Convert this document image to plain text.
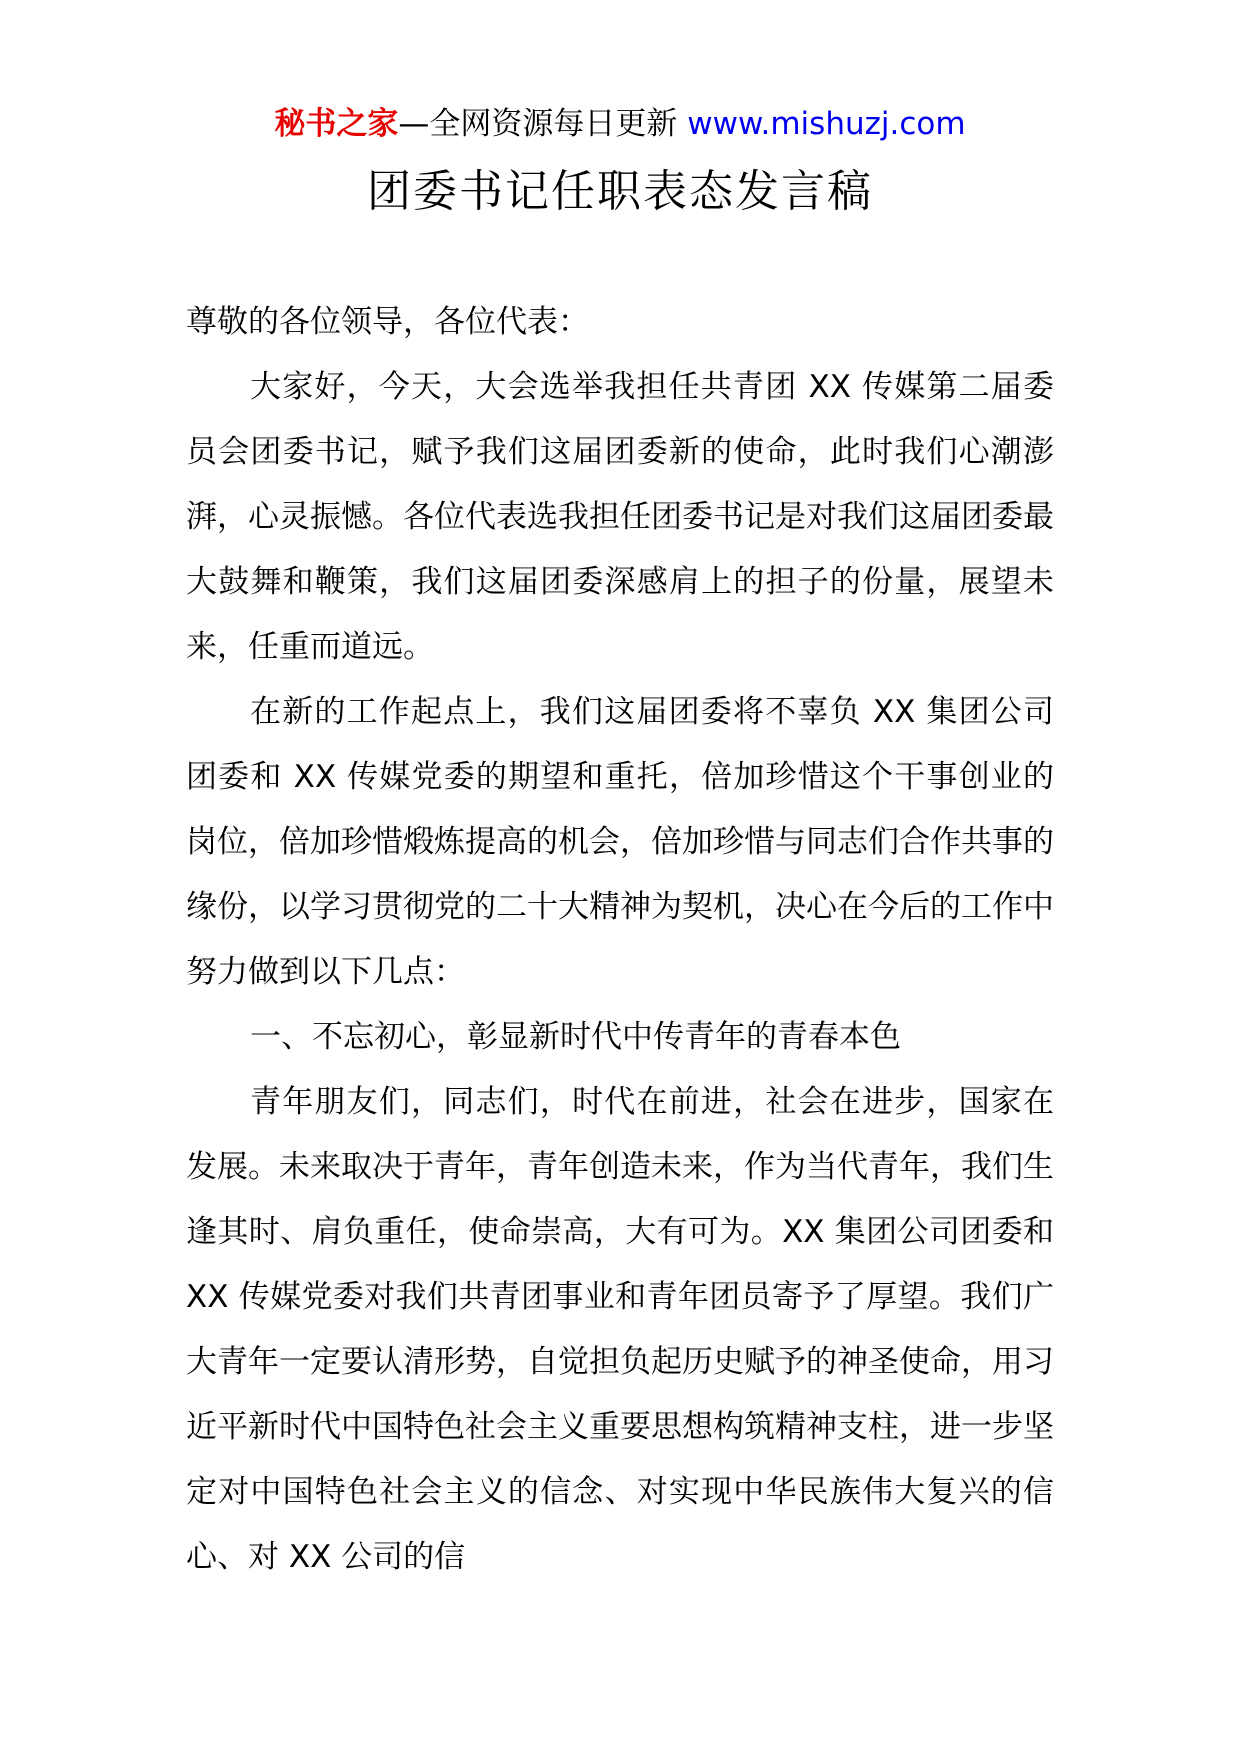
秘书之家—全网资源每日更新 www.mishuzj.com
团委书记任职表态发言稿

尊敬的各位领导，各位代表：

大家好，今天，大会选举我担任共青团 XX 传媒第二届委员会团委书记，赋予我们这届团委新的使命，此时我们心潮澎湃，心灵振憾。各位代表选我担任团委书记是对我们这届团委最大鼓舞和鞭策，我们这届团委深感肩上的担子的份量，展望未来，任重而道远。

在新的工作起点上，我们这届团委将不辜负 XX 集团公司团委和 XX 传媒党委的期望和重托，倍加珍惜这个干事创业的岗位，倍加珍惜煅炼提高的机会，倍加珍惜与同志们合作共事的缘份，以学习贯彻党的二十大精神为契机，决心在今后的工作中努力做到以下几点：

一、不忘初心，彰显新时代中传青年的青春本色

青年朋友们，同志们，时代在前进，社会在进步，国家在发展。未来取决于青年，青年创造未来，作为当代青年，我们生逢其时、肩负重任，使命崇高，大有可为。XX 集团公司团委和 XX 传媒党委对我们共青团事业和青年团员寄予了厚望。我们广大青年一定要认清形势，自觉担负起历史赋予的神圣使命，用习近平新时代中国特色社会主义重要思想构筑精神支柱，进一步坚定对中国特色社会主义的信念、对实现中华民族伟大复兴的信心、对 XX 公司的信
